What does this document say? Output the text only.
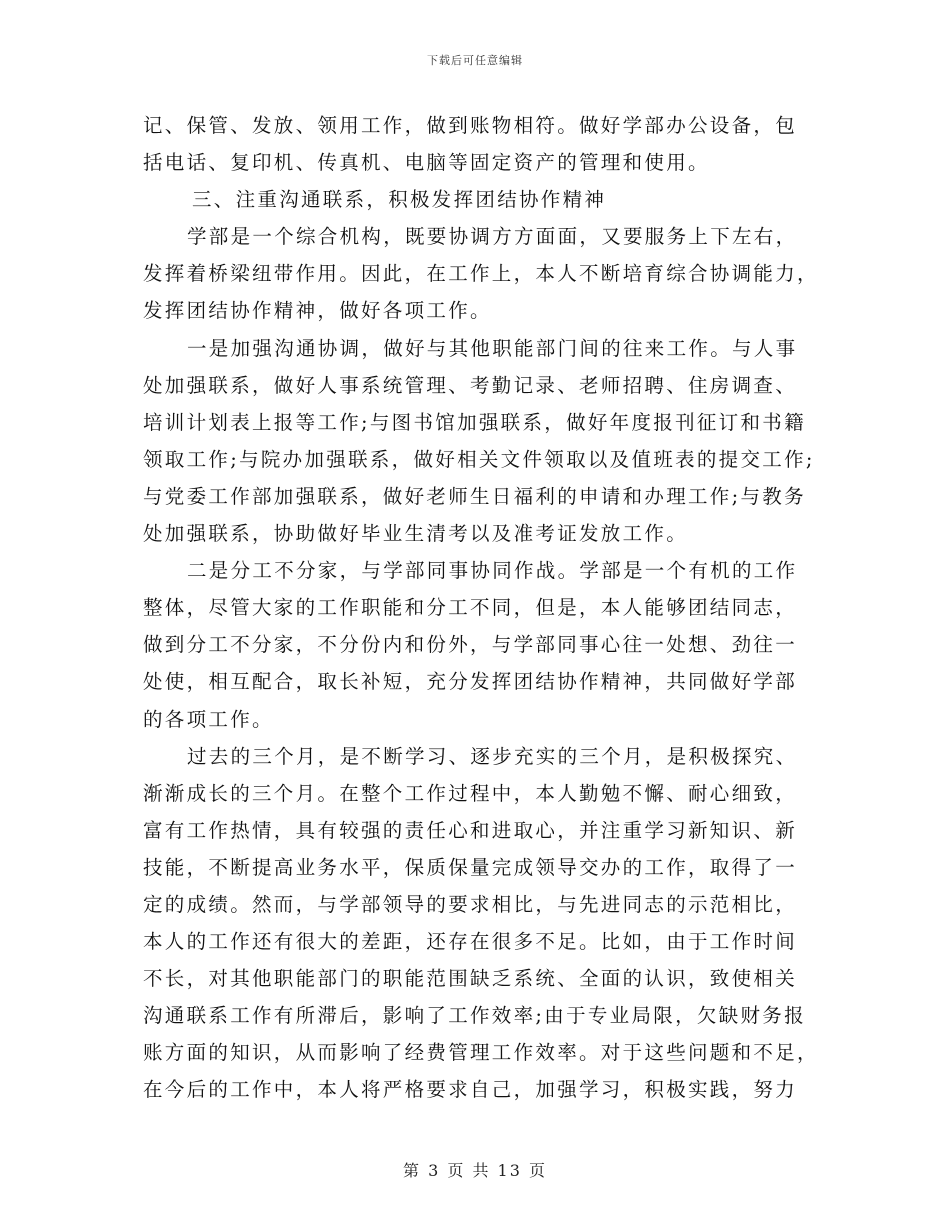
下载后可任意编辑
记、保管、发放、领用工作，做到账物相符。做好学部办公设备，包
括电话、复印机、传真机、电脑等固定资产的管理和使用。
三、注重沟通联系，积极发挥团结协作精神
学部是一个综合机构，既要协调方方面面，又要服务上下左右，
发挥着桥梁纽带作用。因此，在工作上，本人不断培育综合协调能力，
发挥团结协作精神，做好各项工作。
一是加强沟通协调，做好与其他职能部门间的往来工作。与人事
处加强联系，做好人事系统管理、考勤记录、老师招聘、住房调查、
培训计划表上报等工作;与图书馆加强联系，做好年度报刊征订和书籍
领取工作;与院办加强联系，做好相关文件领取以及值班表的提交工作;
与党委工作部加强联系，做好老师生日福利的申请和办理工作;与教务
处加强联系，协助做好毕业生清考以及准考证发放工作。
二是分工不分家，与学部同事协同作战。学部是一个有机的工作
整体，尽管大家的工作职能和分工不同，但是，本人能够团结同志，
做到分工不分家，不分份内和份外，与学部同事心往一处想、劲往一
处使，相互配合，取长补短，充分发挥团结协作精神，共同做好学部
的各项工作。
过去的三个月，是不断学习、逐步充实的三个月，是积极探究、
渐渐成长的三个月。在整个工作过程中，本人勤勉不懈、耐心细致，
富有工作热情，具有较强的责任心和进取心，并注重学习新知识、新
技能，不断提高业务水平，保质保量完成领导交办的工作，取得了一
定的成绩。然而，与学部领导的要求相比，与先进同志的示范相比，
本人的工作还有很大的差距，还存在很多不足。比如，由于工作时间
不长，对其他职能部门的职能范围缺乏系统、全面的认识，致使相关
沟通联系工作有所滞后，影响了工作效率;由于专业局限，欠缺财务报
账方面的知识，从而影响了经费管理工作效率。对于这些问题和不足，
在今后的工作中，本人将严格要求自己，加强学习，积极实践，努力
第 3 页 共 13 页
